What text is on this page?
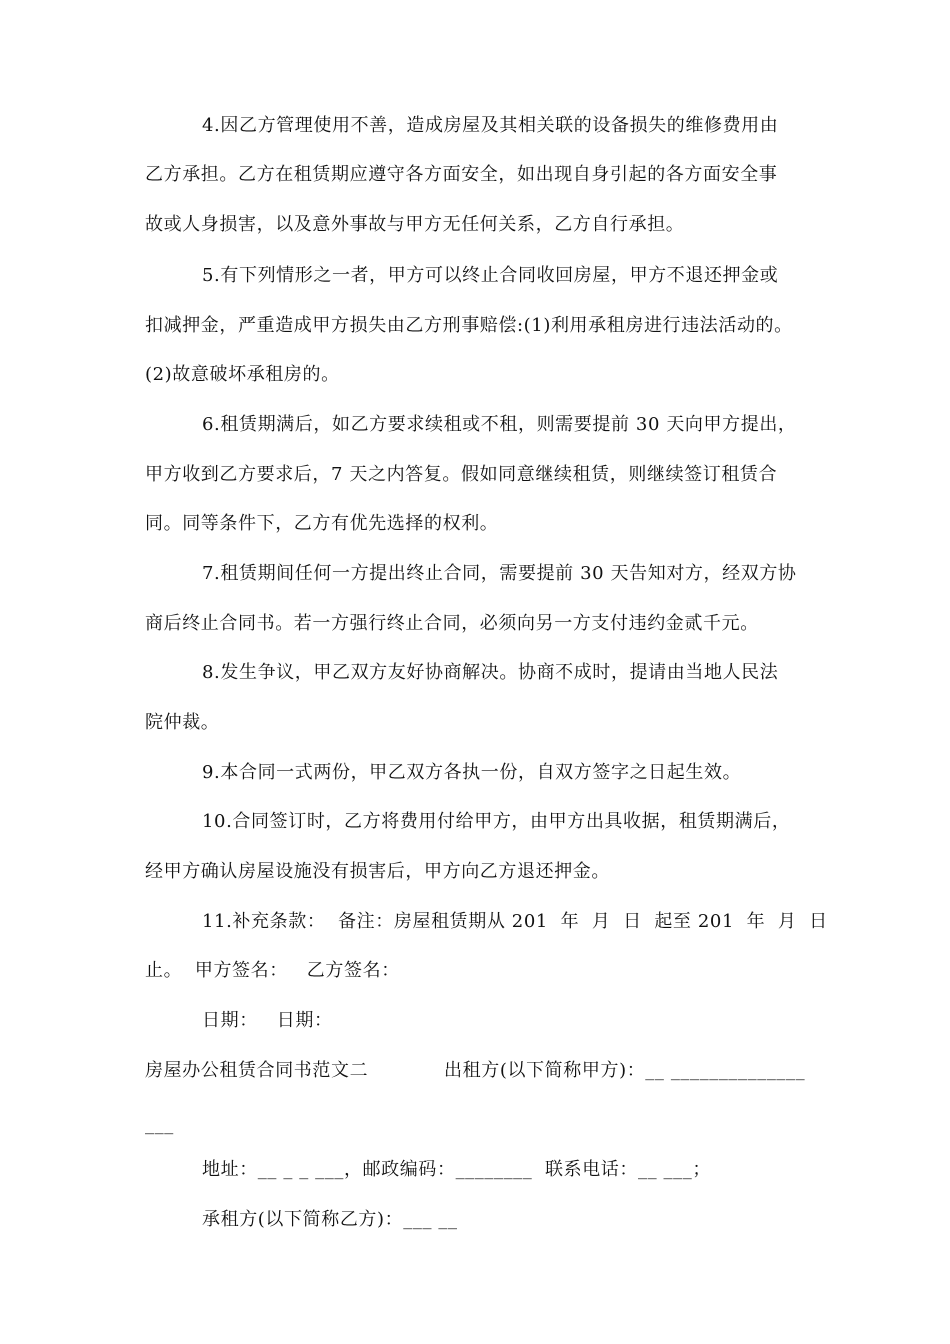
4.因乙方管理使用不善，造成房屋及其相关联的设备损失的维修费用由
乙方承担。乙方在租赁期应遵守各方面安全，如出现自身引起的各方面安全事
故或人身损害，以及意外事故与甲方无任何关系，乙方自行承担。
5.有下列情形之一者，甲方可以终止合同收回房屋，甲方不退还押金或
扣减押金，严重造成甲方损失由乙方刑事赔偿:(1)利用承租房进行违法活动的。
(2)故意破坏承租房的。
6.租赁期满后，如乙方要求续租或不租，则需要提前 30 天向甲方提出，
甲方收到乙方要求后，7 天之内答复。假如同意继续租赁，则继续签订租赁合
同。同等条件下，乙方有优先选择的权利。
7.租赁期间任何一方提出终止合同，需要提前 30 天告知对方，经双方协
商后终止合同书。若一方强行终止合同，必须向另一方支付违约金贰千元。
8.发生争议，甲乙双方友好协商解决。协商不成时，提请由当地人民法
院仲裁。
9.本合同一式两份，甲乙双方各执一份，自双方签字之日起生效。
10.合同签订时，乙方将费用付给甲方，由甲方出具收据，租赁期满后，
经甲方确认房屋设施没有损害后，甲方向乙方退还押金。
11.补充条款：  备注：房屋租赁期从 201  年  月  日  起至 201  年  月  日
止。  甲方签名：   乙方签名：
日期：   日期：
房屋办公租赁合同书范文二            出租方(以下简称甲方)：__ ______________
___
地址：__ _ _ ___，邮政编码：________  联系电话：__ ___；
承租方(以下简称乙方)：___ __
